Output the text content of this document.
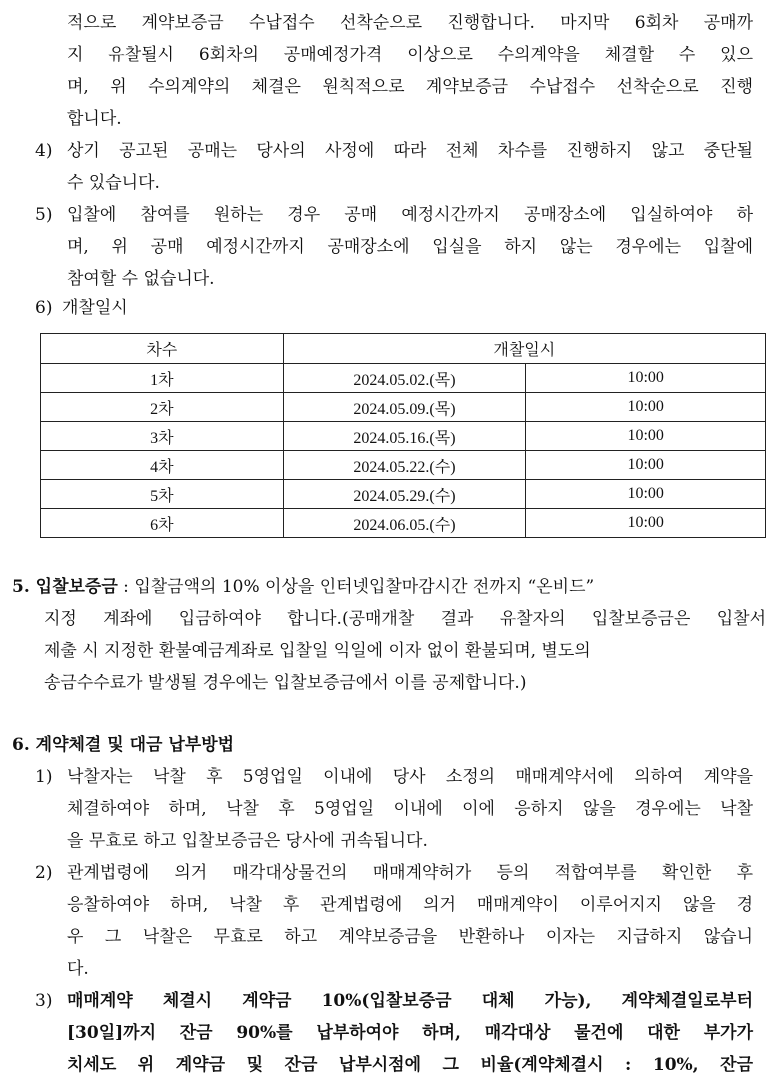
적으로 계약보증금 수납접수 선착순으로 진행합니다. 마지막 6회차 공매까
지 유찰될시 6회차의 공매예정가격 이상으로 수의계약을 체결할 수 있으
며, 위 수의계약의 체결은 원칙적으로 계약보증금 수납접수 선착순으로 진행
합니다.
4) 상기 공고된 공매는 당사의 사정에 따라 전체 차수를 진행하지 않고 중단될
수 있습니다.
5) 입찰에 참여를 원하는 경우 공매 예정시간까지 공매장소에 입실하여야 하
며, 위 공매 예정시간까지 공매장소에 입실을 하지 않는 경우에는 입찰에
참여할 수 없습니다.
6) 개찰일시
차수	개찰일시	
1차	2024.05.02.(목)	10:00
2차	2024.05.09.(목)	10:00
3차	2024.05.16.(목)	10:00
4차	2024.05.22.(수)	10:00
5차	2024.05.29.(수)	10:00
6차	2024.06.05.(수)	10:00
5. 입찰보증금 : 입찰금액의 10% 이상을 인터넷입찰마감시간 전까지 “온비드”
지정 계좌에 입금하여야 합니다.(공매개찰 결과 유찰자의 입찰보증금은 입찰서
제출 시 지정한 환불예금계좌로 입찰일 익일에 이자 없이 환불되며, 별도의
송금수수료가 발생될 경우에는 입찰보증금에서 이를 공제합니다.)
6. 계약체결 및 대금 납부방법
1) 낙찰자는 낙찰 후 5영업일 이내에 당사 소정의 매매계약서에 의하여 계약을
체결하여야 하며, 낙찰 후 5영업일 이내에 이에 응하지 않을 경우에는 낙찰
을 무효로 하고 입찰보증금은 당사에 귀속됩니다.
2) 관계법령에 의거 매각대상물건의 매매계약허가 등의 적합여부를 확인한 후
응찰하여야 하며, 낙찰 후 관계법령에 의거 매매계약이 이루어지지 않을 경
우 그 낙찰은 무효로 하고 계약보증금을 반환하나 이자는 지급하지 않습니
다.
3) 매매계약 체결시 계약금 10%(입찰보증금 대체 가능), 계약체결일로부터
[30일]까지 잔금 90%를 납부하여야 하며, 매각대상 물건에 대한 부가가
치세도 위 계약금 및 잔금 납부시점에 그 비율(계약체결시 : 10%, 잔금
